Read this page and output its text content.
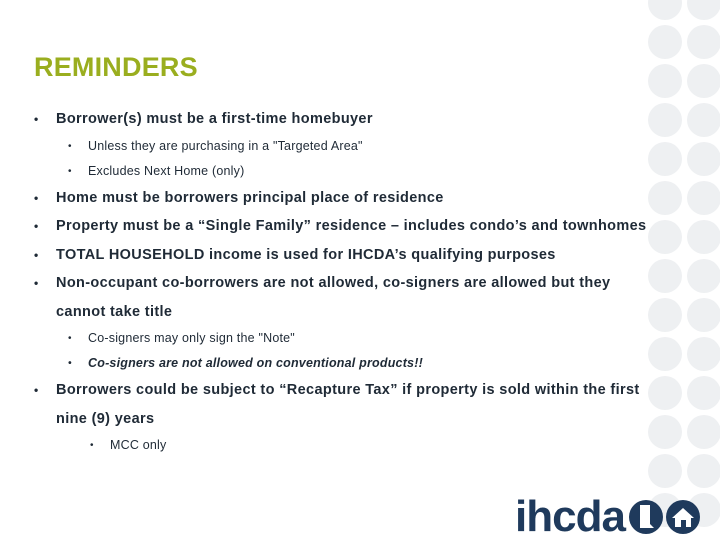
REMINDERS
• Borrower(s) must be a first-time homebuyer
• Unless they are purchasing in a "Targeted Area"
• Excludes Next Home (only)
• Home must be borrowers principal place of residence
• Property must be a “Single Family” residence – includes condo’s and townhomes
• TOTAL HOUSEHOLD income is used for IHCDA’s qualifying purposes
• Non-occupant co-borrowers are not allowed, co-signers are allowed but they
cannot take title
• Co-signers may only sign the "Note"
• Co-signers are not allowed on conventional products!!
• Borrowers could be subject to “Recapture Tax” if property is sold within the first
nine (9) years
• MCC only
ihcda
